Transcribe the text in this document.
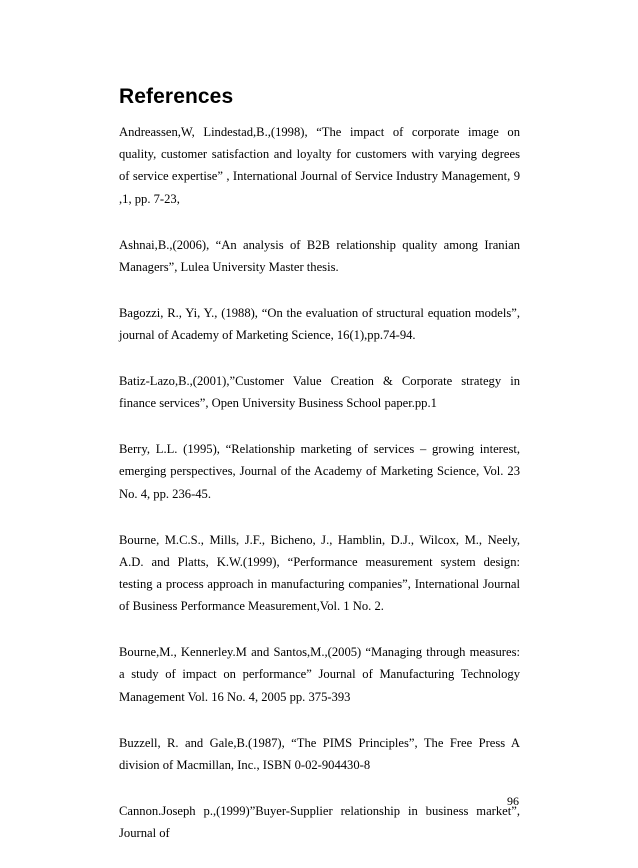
References
Andreassen,W, Lindestad,B.,(1998), “The impact of corporate image on quality, customer satisfaction and loyalty for customers with varying degrees of service expertise” , International Journal of Service Industry Management, 9 ,1, pp. 7-23,
Ashnai,B.,(2006), “An analysis of B2B relationship quality among Iranian Managers”, Lulea University Master thesis.
Bagozzi, R., Yi, Y., (1988), “On the evaluation of structural equation models”, journal of Academy of Marketing Science, 16(1),pp.74-94.
Batiz-Lazo,B.,(2001),”Customer Value Creation & Corporate strategy in finance services”, Open University Business School paper.pp.1
Berry, L.L. (1995), “Relationship marketing of services – growing interest, emerging perspectives, Journal of the Academy of Marketing Science, Vol. 23 No. 4, pp. 236-45.
Bourne, M.C.S., Mills, J.F., Bicheno, J., Hamblin, D.J., Wilcox, M., Neely, A.D. and Platts, K.W.(1999), “Performance measurement system design: testing a process approach in manufacturing companies”, International Journal of Business Performance Measurement,Vol. 1 No. 2.
Bourne,M., Kennerley.M and Santos,M.,(2005) “Managing through measures: a study of impact on performance” Journal of Manufacturing Technology Management Vol. 16 No. 4, 2005 pp. 375-393
Buzzell, R. and Gale,B.(1987), “The PIMS Principles”, The Free Press A division of Macmillan, Inc., ISBN 0-02-904430-8
Cannon.Joseph p.,(1999)”Buyer-Supplier relationship in business market”, Journal of
96
